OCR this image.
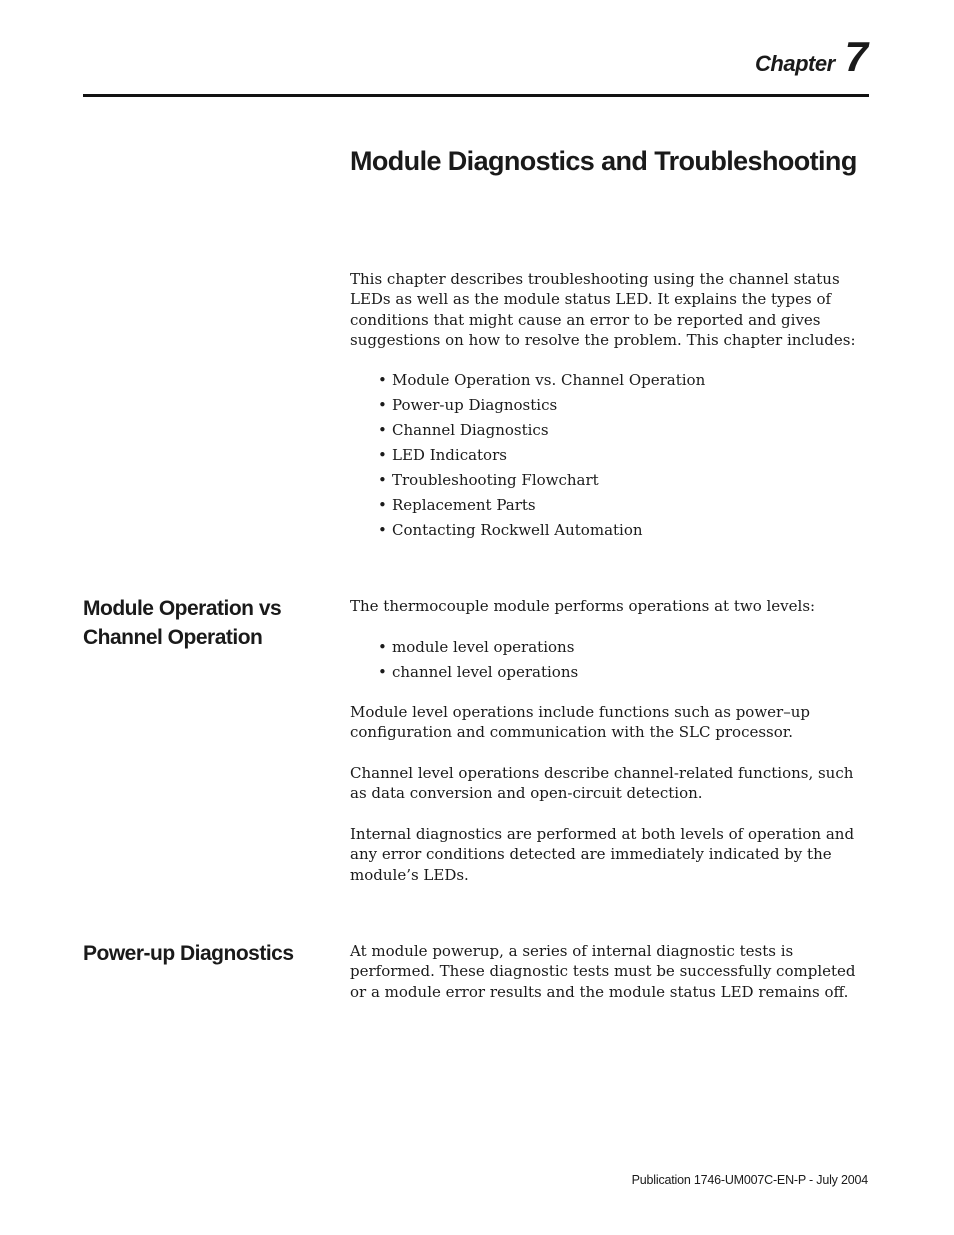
Chapter 7
Module Diagnostics and Troubleshooting

This chapter describes troubleshooting using the channel status LEDs as well as the module status LED. It explains the types of conditions that might cause an error to be reported and gives suggestions on how to resolve the problem. This chapter includes:

• Module Operation vs. Channel Operation
• Power-up Diagnostics
• Channel Diagnostics
• LED Indicators
• Troubleshooting Flowchart
• Replacement Parts
• Contacting Rockwell Automation
Module Operation vs Channel Operation

The thermocouple module performs operations at two levels:

• module level operations
• channel level operations

Module level operations include functions such as power–up configuration and communication with the SLC processor.

Channel level operations describe channel-related functions, such as data conversion and open-circuit detection.

Internal diagnostics are performed at both levels of operation and any error conditions detected are immediately indicated by the module’s LEDs.

Power-up Diagnostics	At module powerup, a series of internal diagnostic tests is performed. These diagnostic tests must be successfully completed or a module error results and the module status LED remains off.

Publication 1746-UM007C-EN-P - July 2004
